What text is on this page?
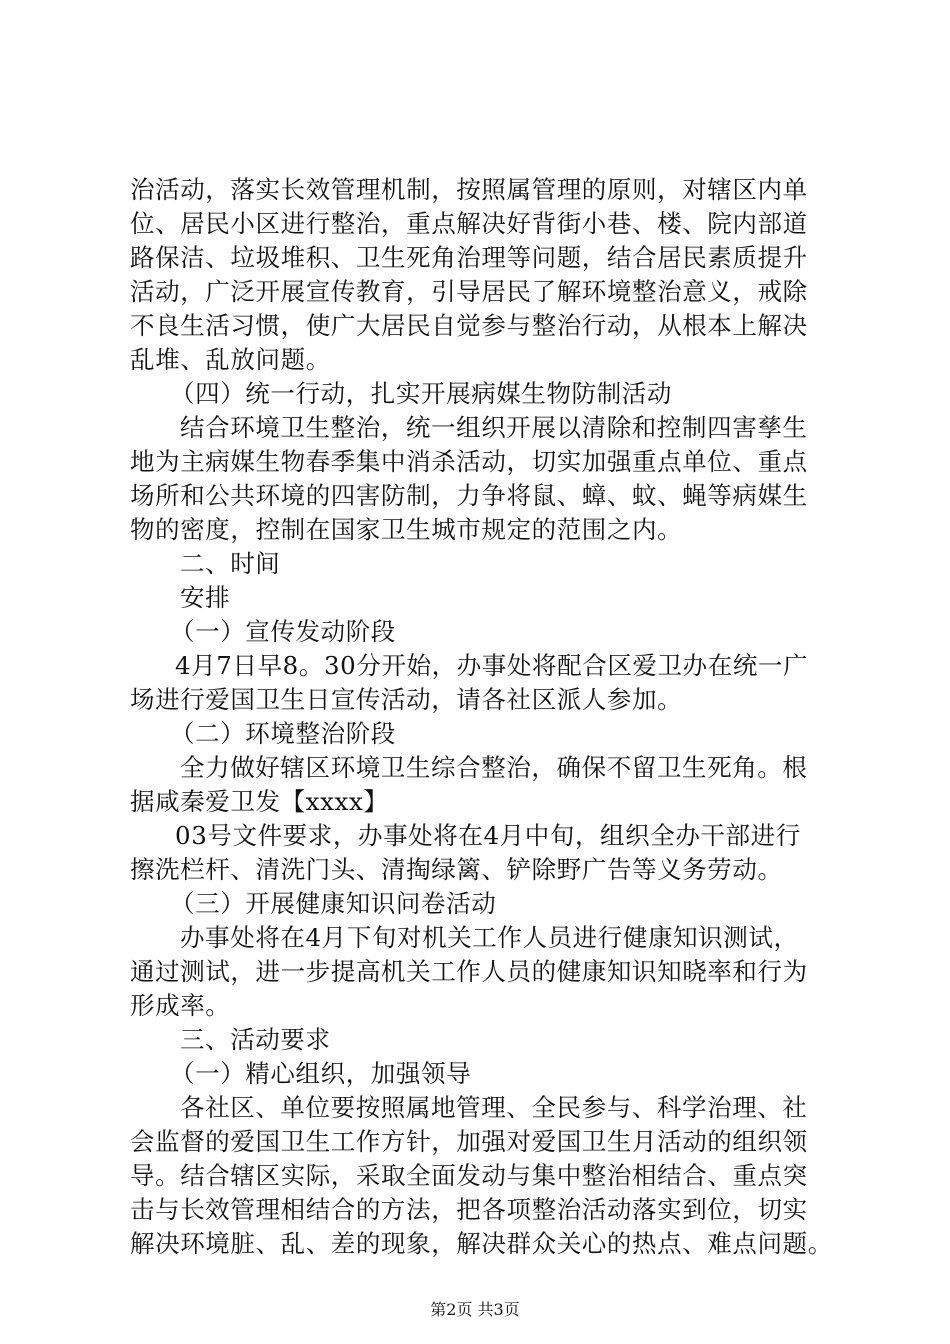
治活动，落实长效管理机制，按照属管理的原则，对辖区内单
位、居民小区进行整治，重点解决好背街小巷、楼、院内部道
路保洁、垃圾堆积、卫生死角治理等问题，结合居民素质提升
活动，广泛开展宣传教育，引导居民了解环境整治意义，戒除
不良生活习惯，使广大居民自觉参与整治行动，从根本上解决
乱堆、乱放问题。
（四）统一行动，扎实开展病媒生物防制活动
结合环境卫生整治，统一组织开展以清除和控制四害孳生
地为主病媒生物春季集中消杀活动，切实加强重点单位、重点
场所和公共环境的四害防制，力争将鼠、蟑、蚊、蝇等病媒生
物的密度，控制在国家卫生城市规定的范围之内。
二、时间
安排
（一）宣传发动阶段
4月7日早8。30分开始，办事处将配合区爱卫办在统一广
场进行爱国卫生日宣传活动，请各社区派人参加。
（二）环境整治阶段
全力做好辖区环境卫生综合整治，确保不留卫生死角。根
据咸秦爱卫发【xxxx】
03号文件要求，办事处将在4月中旬，组织全办干部进行
擦洗栏杆、清洗门头、清掏绿篱、铲除野广告等义务劳动。
（三）开展健康知识问卷活动
办事处将在4月下旬对机关工作人员进行健康知识测试，
通过测试，进一步提高机关工作人员的健康知识知晓率和行为
形成率。
三、活动要求
（一）精心组织，加强领导
各社区、单位要按照属地管理、全民参与、科学治理、社
会监督的爱国卫生工作方针，加强对爱国卫生月活动的组织领
导。结合辖区实际，采取全面发动与集中整治相结合、重点突
击与长效管理相结合的方法，把各项整治活动落实到位，切实
解决环境脏、乱、差的现象，解决群众关心的热点、难点问题。
第2页 共3页
